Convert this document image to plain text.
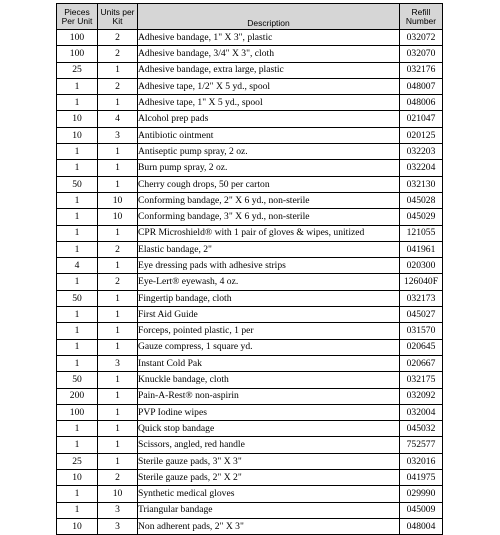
Pieces Per Unit	Units per Kit	Description	Refill Number
100	2	Adhesive bandage, 1" X 3", plastic	032072
100	2	Adhesive bandage, 3/4" X 3", cloth	032070
25	1	Adhesive bandage, extra large, plastic	032176
1	2	Adhesive tape, 1/2" X 5 yd., spool	048007
1	1	Adhesive tape, 1" X 5 yd., spool	048006
10	4	Alcohol prep pads	021047
10	3	Antibiotic ointment	020125
1	1	Antiseptic pump spray, 2 oz.	032203
1	1	Burn pump spray, 2 oz.	032204
50	1	Cherry cough drops, 50 per carton	032130
1	10	Conforming bandage, 2" X 6 yd., non-sterile	045028
1	10	Conforming bandage, 3" X 6 yd., non-sterile	045029
1	1	CPR Microshield® with 1 pair of gloves & wipes, unitized	121055
1	2	Elastic bandage, 2"	041961
4	1	Eye dressing pads with adhesive strips	020300
1	2	Eye-Lert® eyewash, 4 oz.	126040F
50	1	Fingertip bandage, cloth	032173
1	1	First Aid Guide	045027
1	1	Forceps, pointed plastic, 1 per	031570
1	1	Gauze compress, 1 square yd.	020645
1	3	Instant Cold Pak	020667
50	1	Knuckle bandage, cloth	032175
200	1	Pain-A-Rest® non-aspirin	032092
100	1	PVP Iodine wipes	032004
1	1	Quick stop bandage	045032
1	1	Scissors, angled, red handle	752577
25	1	Sterile gauze pads, 3" X 3"	032016
10	2	Sterile gauze pads, 2" X 2"	041975
1	10	Synthetic medical gloves	029990
1	3	Triangular bandage	045009
10	3	Non adherent pads, 2" X 3"	048004
